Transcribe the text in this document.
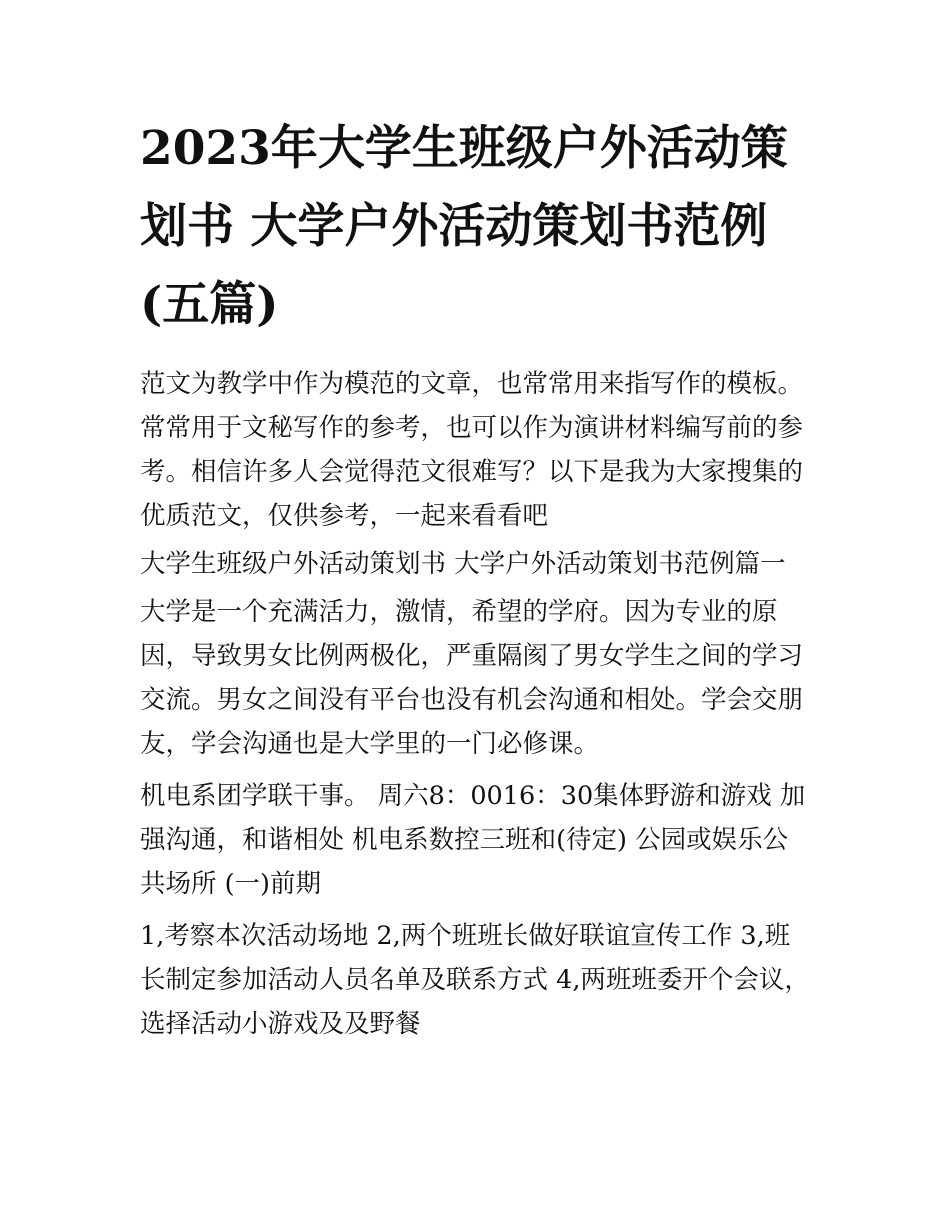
2023年大学生班级户外活动策划书 大学户外活动策划书范例(五篇)

范文为教学中作为模范的文章，也常常用来指写作的模板。常常用于文秘写作的参考，也可以作为演讲材料编写前的参考。相信许多人会觉得范文很难写？以下是我为大家搜集的优质范文，仅供参考，一起来看看吧

大学生班级户外活动策划书 大学户外活动策划书范例篇一

大学是一个充满活力，激情，希望的学府。因为专业的原因，导致男女比例两极化，严重隔阂了男女学生之间的学习交流。男女之间没有平台也没有机会沟通和相处。学会交朋友，学会沟通也是大学里的一门必修课。

机电系团学联干事。 周六8：0016：30集体野游和游戏 加强沟通，和谐相处 机电系数控三班和(待定) 公园或娱乐公共场所 (一)前期

1,考察本次活动场地 2,两个班班长做好联谊宣传工作 3,班长制定参加活动人员名单及联系方式 4,两班班委开个会议，选择活动小游戏及及野餐
